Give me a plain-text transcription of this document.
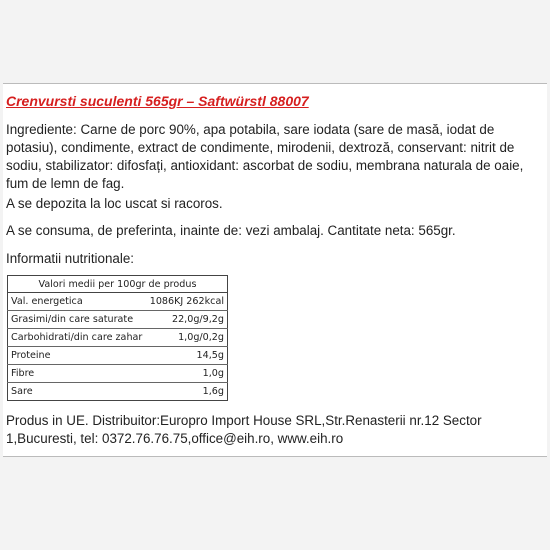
Crenvursti suculenti 565gr – Saftwürstl 88007
Ingrediente: Carne de porc 90%, apa potabila, sare iodata (sare de masă, iodat de potasiu), condimente, extract de condimente, mirodenii, dextroză, conservant: nitrit de sodiu, stabilizator: difosfați, antioxidant: ascorbat de sodiu, membrana naturala de oaie, fum de lemn de fag.
A se depozita la loc uscat si racoros.
A se consuma, de preferinta, inainte de: vezi ambalaj. Cantitate neta: 565gr.
Informatii nutritionale:
Valori medii per 100gr de produs	
Val. energetica	1086KJ 262kcal
Grasimi/din care saturate	22,0g/9,2g
Carbohidrati/din care zahar	1,0g/0,2g
Proteine	14,5g
Fibre	1,0g
Sare	1,6g
Produs in UE. Distribuitor:Europro Import House SRL,Str.Renasterii nr.12 Sector 1,Bucuresti, tel: 0372.76.76.75,office@eih.ro, www.eih.ro
